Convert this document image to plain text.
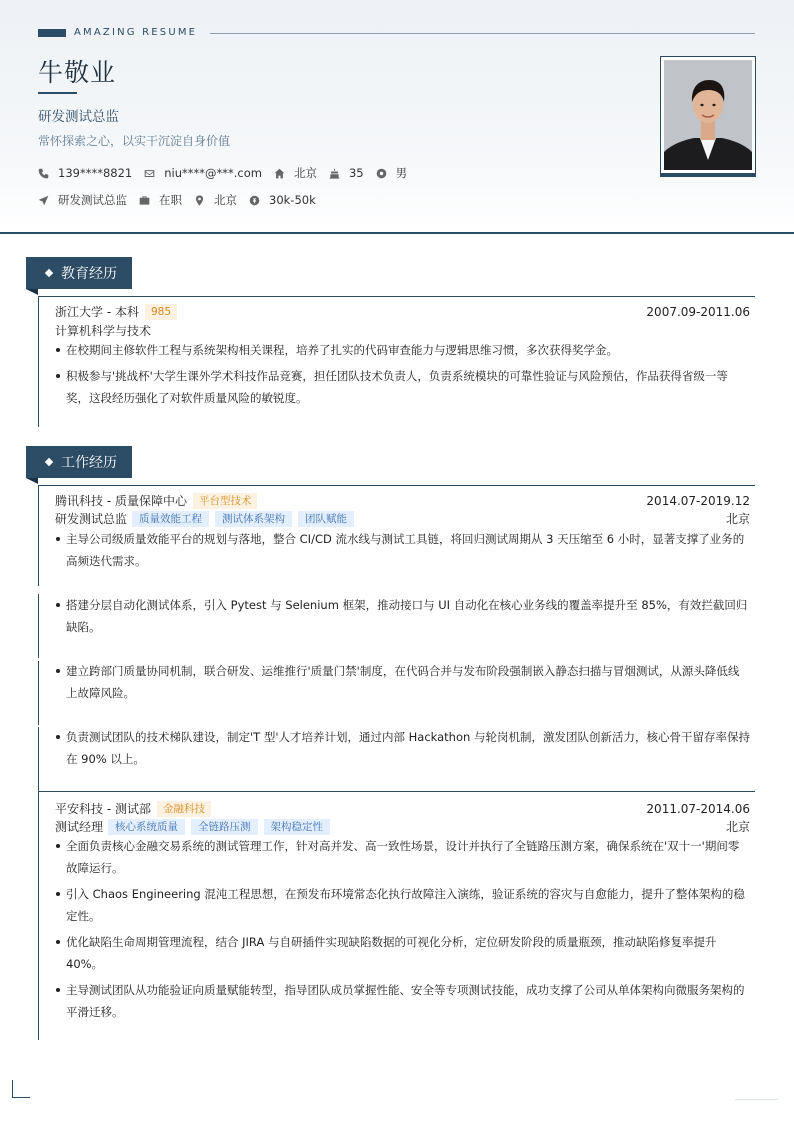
AMAZING RESUME
牛敬业
研发测试总监
常怀探索之心，以实干沉淀自身价值
139****8821	niu****@***.com	北京	35	男
研发测试总监	在职	北京	30k-50k
教育经历
浙江大学 - 本科	985	2007.09-2011.06
计算机科学与技术
在校期间主修软件工程与系统架构相关课程，培养了扎实的代码审查能力与逻辑思维习惯，多次获得奖学金。
积极参与'挑战杯'大学生课外学术科技作品竞赛，担任团队技术负责人，负责系统模块的可靠性验证与风险预估，作品获得省级一等奖，这段经历强化了对软件质量风险的敏锐度。
工作经历
腾讯科技 - 质量保障中心	平台型技术	2014.07-2019.12
研发测试总监	质量效能工程	测试体系架构	团队赋能	北京
主导公司级质量效能平台的规划与落地，整合 CI/CD 流水线与测试工具链，将回归测试周期从 3 天压缩至 6 小时，显著支撑了业务的高频迭代需求。
搭建分层自动化测试体系，引入 Pytest 与 Selenium 框架，推动接口与 UI 自动化在核心业务线的覆盖率提升至 85%，有效拦截回归缺陷。
建立跨部门质量协同机制，联合研发、运维推行'质量门禁'制度，在代码合并与发布阶段强制嵌入静态扫描与冒烟测试，从源头降低线上故障风险。
负责测试团队的技术梯队建设，制定'T 型'人才培养计划，通过内部 Hackathon 与轮岗机制，激发团队创新活力，核心骨干留存率保持在 90% 以上。
平安科技 - 测试部	金融科技	2011.07-2014.06
测试经理	核心系统质量	全链路压测	架构稳定性	北京
全面负责核心金融交易系统的测试管理工作，针对高并发、高一致性场景，设计并执行了全链路压测方案，确保系统在'双十一'期间零故障运行。
引入 Chaos Engineering 混沌工程思想，在预发布环境常态化执行故障注入演练，验证系统的容灾与自愈能力，提升了整体架构的稳定性。
优化缺陷生命周期管理流程，结合 JIRA 与自研插件实现缺陷数据的可视化分析，定位研发阶段的质量瓶颈，推动缺陷修复率提升 40%。
主导测试团队从功能验证向质量赋能转型，指导团队成员掌握性能、安全等专项测试技能，成功支撑了公司从单体架构向微服务架构的平滑迁移。
